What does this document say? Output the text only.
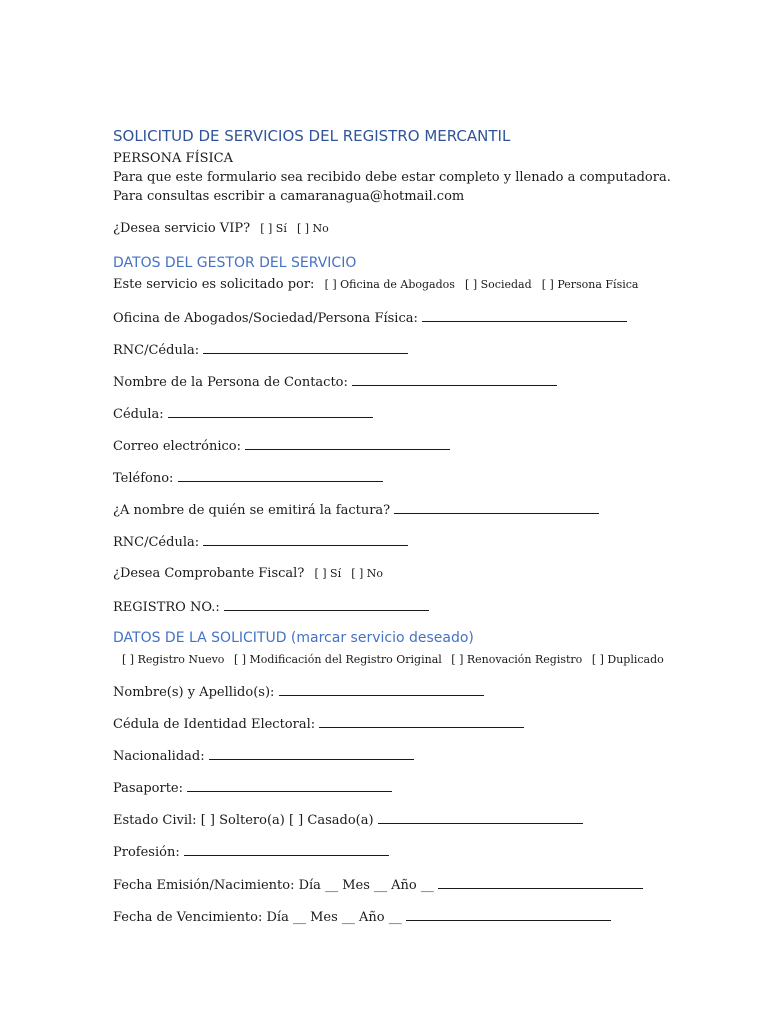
SOLICITUD DE SERVICIOS DEL REGISTRO MERCANTIL
PERSONA FÍSICA
Para que este formulario sea recibido debe estar completo y llenado a computadora.
Para consultas escribir a camaranagua@hotmail.com
¿Desea servicio VIP? [ ] Sí [ ] No
DATOS DEL GESTOR DEL SERVICIO
Este servicio es solicitado por: [ ] Oficina de Abogados [ ] Sociedad [ ] Persona Física
Oficina de Abogados/Sociedad/Persona Física:
RNC/Cédula:
Nombre de la Persona de Contacto:
Cédula:
Correo electrónico:
Teléfono:
¿A nombre de quién se emitirá la factura?
RNC/Cédula:
¿Desea Comprobante Fiscal? [ ] Sí [ ] No
REGISTRO NO.:
DATOS DE LA SOLICITUD (marcar servicio deseado)
[ ] Registro Nuevo [ ] Modificación del Registro Original [ ] Renovación Registro [ ] Duplicado
Nombre(s) y Apellido(s):
Cédula de Identidad Electoral:
Nacionalidad:
Pasaporte:
Estado Civil: [ ] Soltero(a) [ ] Casado(a)
Profesión:
Fecha Emisión/Nacimiento: Día __ Mes __ Año __
Fecha de Vencimiento: Día __ Mes __ Año __
